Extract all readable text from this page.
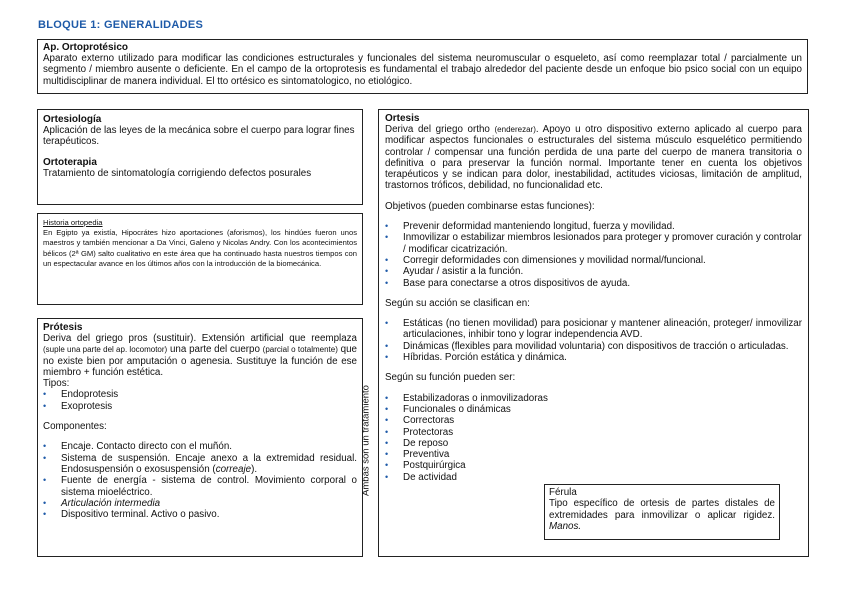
BLOQUE 1: GENERALIDADES
Ap. Ortoprotésico

Aparato externo utilizado para modificar las condiciones estructurales y funcionales del sistema neuromuscular o esqueleto, así como reemplazar total / parcialmente un segmento / miembro ausente o deficiente. En el campo de la ortoprotesis es fundamental el trabajo alrededor del paciente desde un enfoque bio psico social con un equipo multidisciplinar de manera individual. El tto ortésico es sintomatologico, no etiológico.

Ortesiología

Aplicación de las leyes de la mecánica sobre el cuerpo para lograr fines terapéuticos.

Ortoterapia

Tratamiento de sintomatología corrigiendo defectos posurales

Historia ortopedia

En Egipto ya existía, Hipocrátes hizo aportaciones (aforismos), los hindúes fueron unos maestros y también mencionar a Da Vinci, Galeno y Nicolas Andry. Con los acontecimientos bélicos (2ª GM) salto cualitativo en este área que ha continuado hasta nuestros tiempos con un espectacular avance en los últimos años con la introducción de la biomecánica.

Prótesis

Deriva del griego pros (sustituir). Extensión artificial que reemplaza (suple una parte del ap. locomotor) una parte del cuerpo (parcial o totalmente) que no existe bien por amputación o agenesia. Sustituye la función de ese miembro + función estética.

Tipos:

• Endoprotesis
• Exoprotesis

Componentes:

• Encaje. Contacto directo con el muñón.
• Sistema de suspensión. Encaje anexo a la extremidad residual. Endosuspensión o exosuspensión (correaje).
• Fuente de energía - sistema de control. Movimiento corporal o sistema mioeléctrico.
• Articulación intermedia
• Dispositivo terminal. Activo o pasivo.
Ambas son un tratamiento
Ortesis

Deriva del griego ortho (enderezar). Apoyo u otro dispositivo externo aplicado al cuerpo para modificar aspectos funcionales o estructurales del sistema músculo esquelético permitiendo controlar / compensar una función perdida de una parte del cuerpo de manera transitoria o definitiva o para preservar la función normal. Importante tener en cuenta los objetivos terapéuticos y se indican para dolor, inestabilidad, actitudes viciosas, limitación de amplitud, trastornos tróficos, debilidad, no funcionalidad etc.

Objetivos (pueden combinarse estas funciones):

• Prevenir deformidad manteniendo longitud, fuerza y movilidad.
• Inmovilizar o estabilizar miembros lesionados para proteger y promover curación y controlar / modificar cicatrización.
• Corregir deformidades con dimensiones y movilidad normal/funcional.
• Ayudar / asistir a la función.
• Base para conectarse a otros dispositivos de ayuda.

Según su acción se clasifican en:

• Estáticas (no tienen movilidad) para posicionar y mantener alineación, proteger/ inmovilizar articulaciones, inhibir tono y lograr independencia AVD.
• Dinámicas (flexibles para movilidad voluntaria) con dispositivos de tracción o articuladas.
• Híbridas. Porción estática y dinámica.

Según su función pueden ser:

• Estabilizadoras o inmovilizadoras
• Funcionales o dinámicas
• Correctoras
• Protectoras
• De reposo
• Preventiva
• Postquirúrgica
• De actividad

Férula

Tipo específico de ortesis de partes distales de extremidades para inmovilizar o aplicar rigidez. Manos.
